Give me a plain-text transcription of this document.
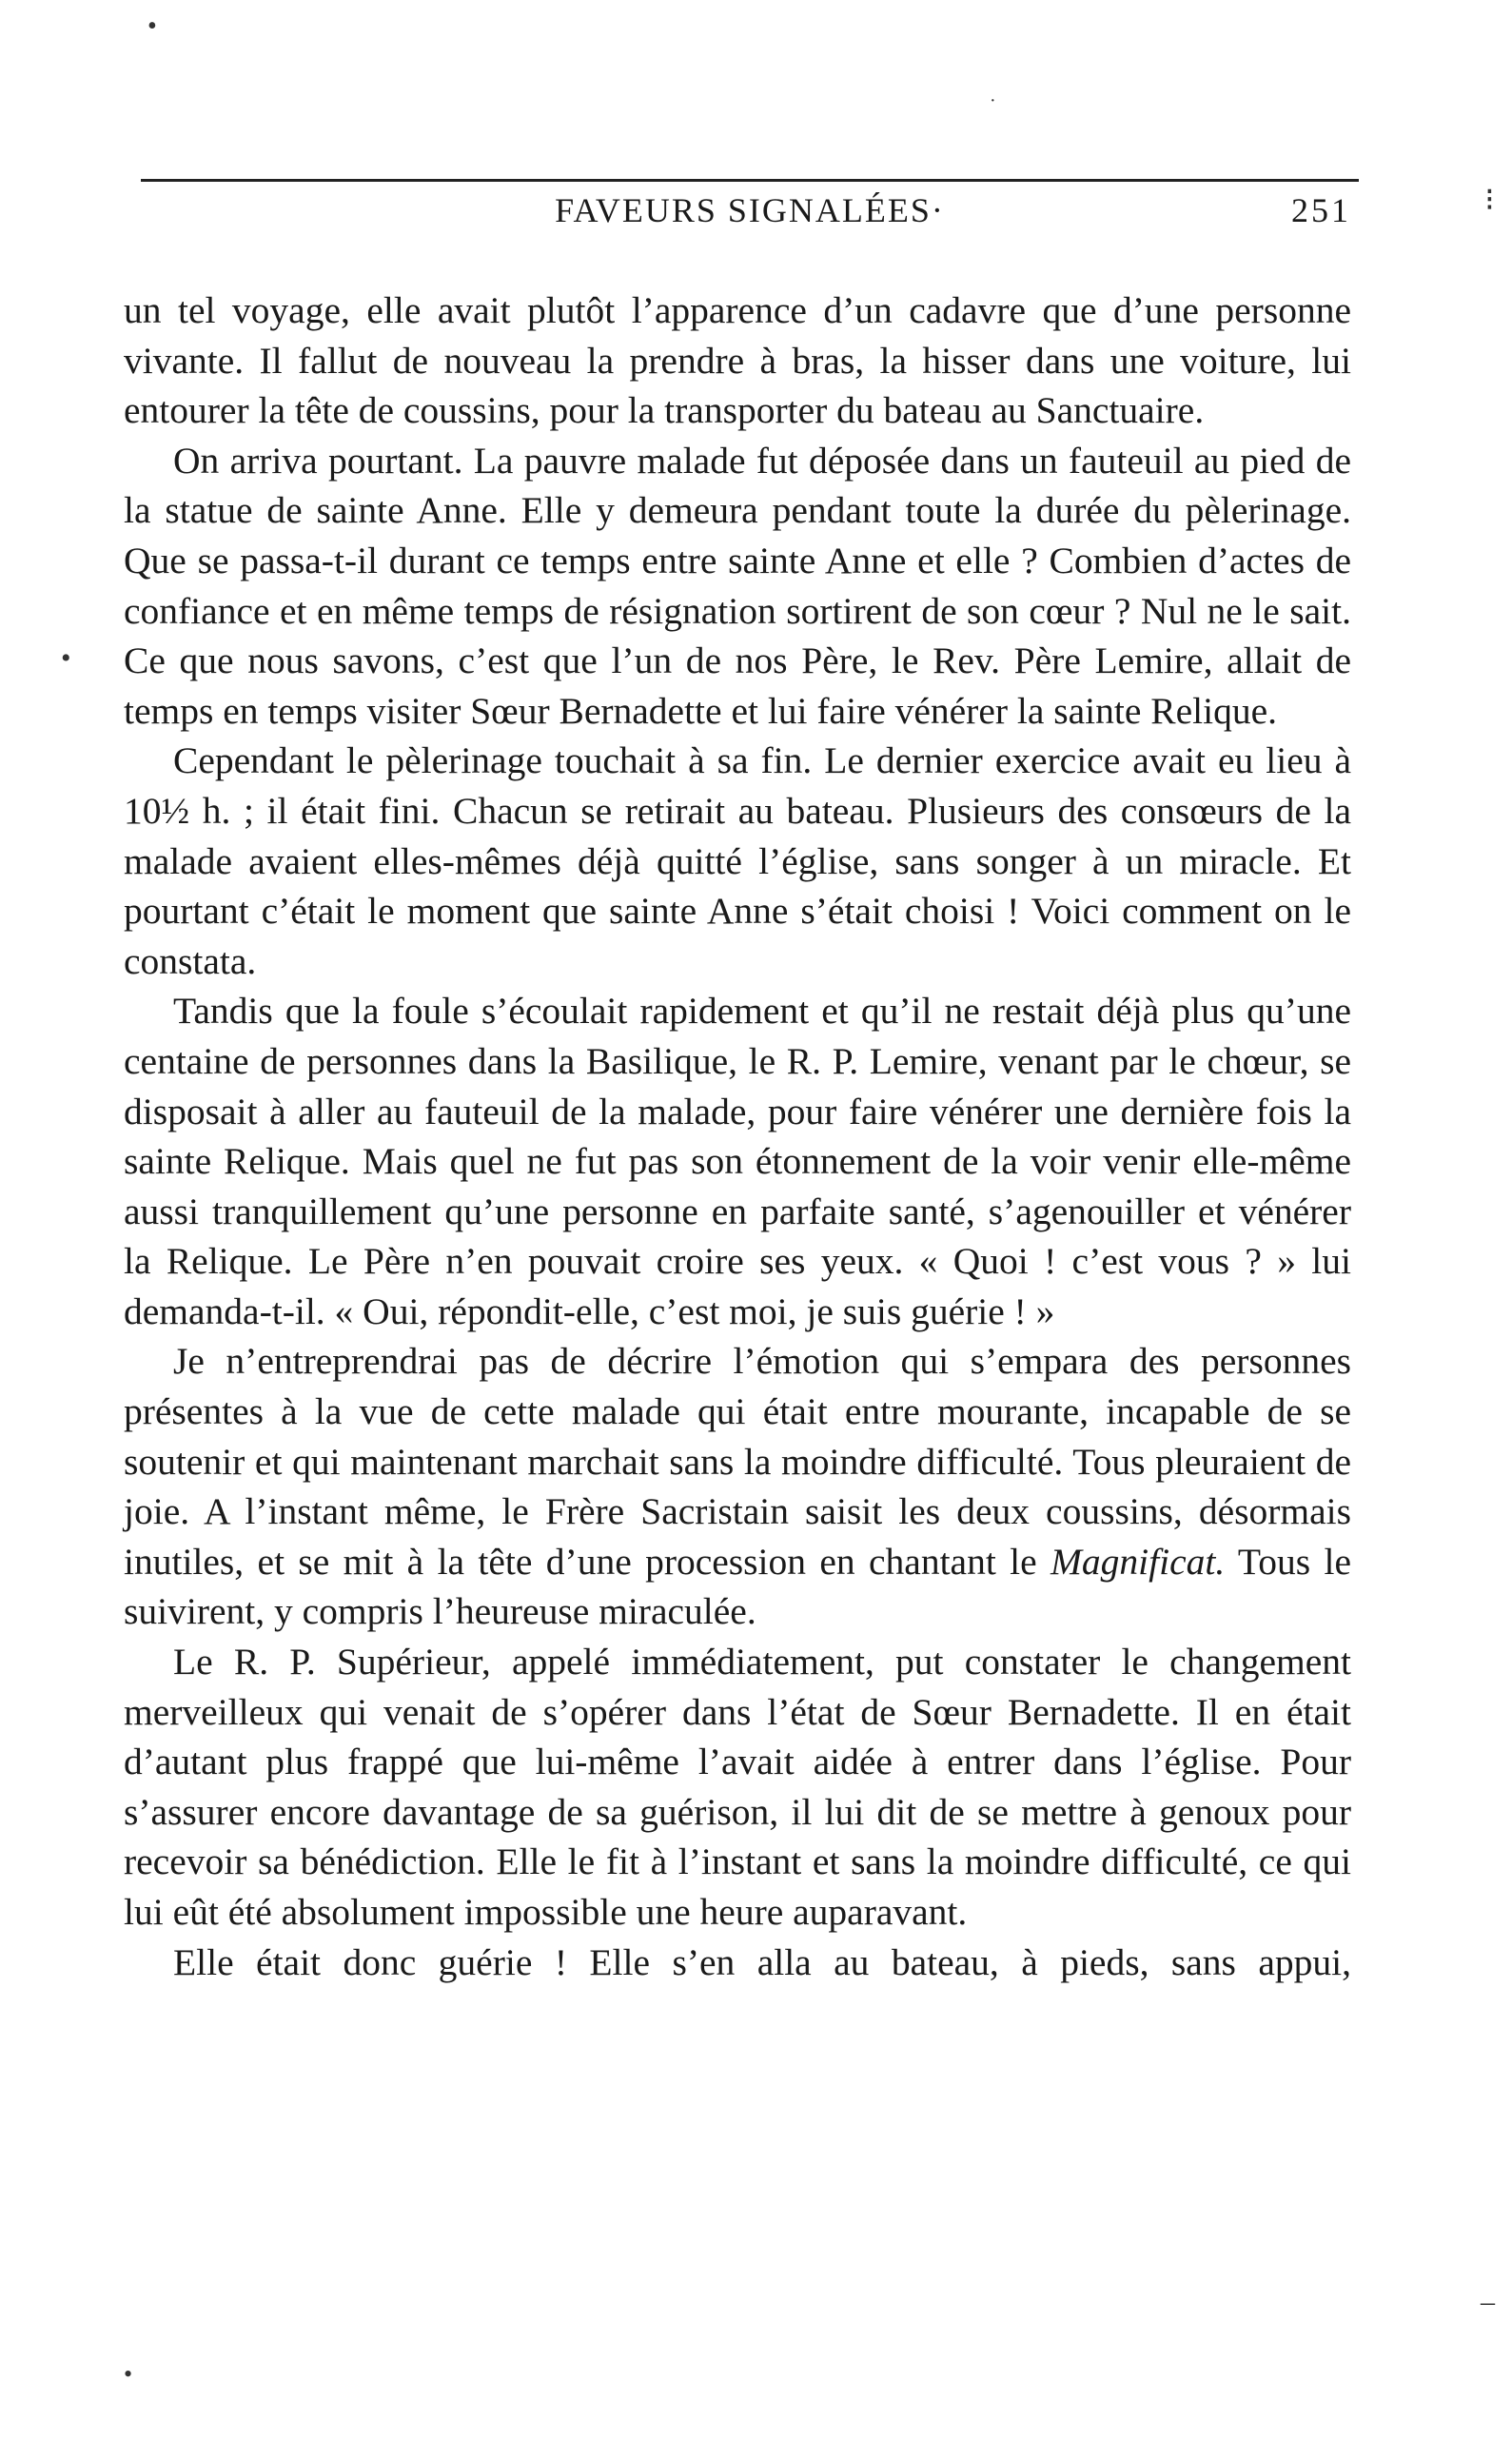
•
·
FAVEURS SIGNALÉES·	251	⁝

un tel voyage, elle avait plutôt l’apparence d’un cadavre que d’une personne vivante. Il fallut de nouveau la prendre à bras, la hisser dans une voiture, lui entourer la tête de coussins, pour la transporter du bateau au Sanctuaire.

On arriva pourtant. La pauvre malade fut déposée dans un fauteuil au pied de la statue de sainte Anne. Elle y demeura pendant toute la durée du pèlerinage. Que se passa-t-il durant ce temps entre sainte Anne et elle ? Combien d’actes de confiance et en même temps de résignation sortirent de son cœur ? Nul ne le sait. Ce que nous savons, c’est que l’un de nos Père, le Rev. Père Lemire, allait de temps en temps visiter Sœur Bernadette et lui faire vénérer la sainte Relique.

Cependant le pèlerinage touchait à sa fin. Le dernier exercice avait eu lieu à 10½ h. ; il était fini. Chacun se retirait au bateau. Plusieurs des consœurs de la malade avaient elles-mêmes déjà quitté l’église, sans songer à un miracle. Et pourtant c’était le moment que sainte Anne s’était choisi ! Voici comment on le constata.

Tandis que la foule s’écoulait rapidement et qu’il ne restait déjà plus qu’une centaine de personnes dans la Basilique, le R. P. Lemire, venant par le chœur, se disposait à aller au fauteuil de la malade, pour faire vénérer une dernière fois la sainte Relique. Mais quel ne fut pas son étonnement de la voir venir elle-même aussi tranquillement qu’une personne en parfaite santé, s’agenouiller et vénérer la Relique. Le Père n’en pouvait croire ses yeux. « Quoi ! c’est vous ? » lui demanda-t-il. « Oui, répondit-elle, c’est moi, je suis guérie ! »

Je n’entreprendrai pas de décrire l’émotion qui s’empara des personnes présentes à la vue de cette malade qui était entre mourante, incapable de se soutenir et qui maintenant marchait sans la moindre difficulté. Tous pleuraient de joie. A l’instant même, le Frère Sacristain saisit les deux coussins, désormais inutiles, et se mit à la tête d’une procession en chantant le Magnificat. Tous le suivirent, y compris l’heureuse miraculée.

Le R. P. Supérieur, appelé immédiatement, put constater le changement merveilleux qui venait de s’opérer dans l’état de Sœur Bernadette. Il en était d’autant plus frappé que lui-même l’avait aidée à entrer dans l’église. Pour s’assurer encore davantage de sa guérison, il lui dit de se mettre à genoux pour recevoir sa bénédiction. Elle le fit à l’instant et sans la moindre difficulté, ce qui lui eût été absolument impossible une heure auparavant.

Elle était donc guérie ! Elle s’en alla au bateau, à pieds, sans appui,

•
–
•
